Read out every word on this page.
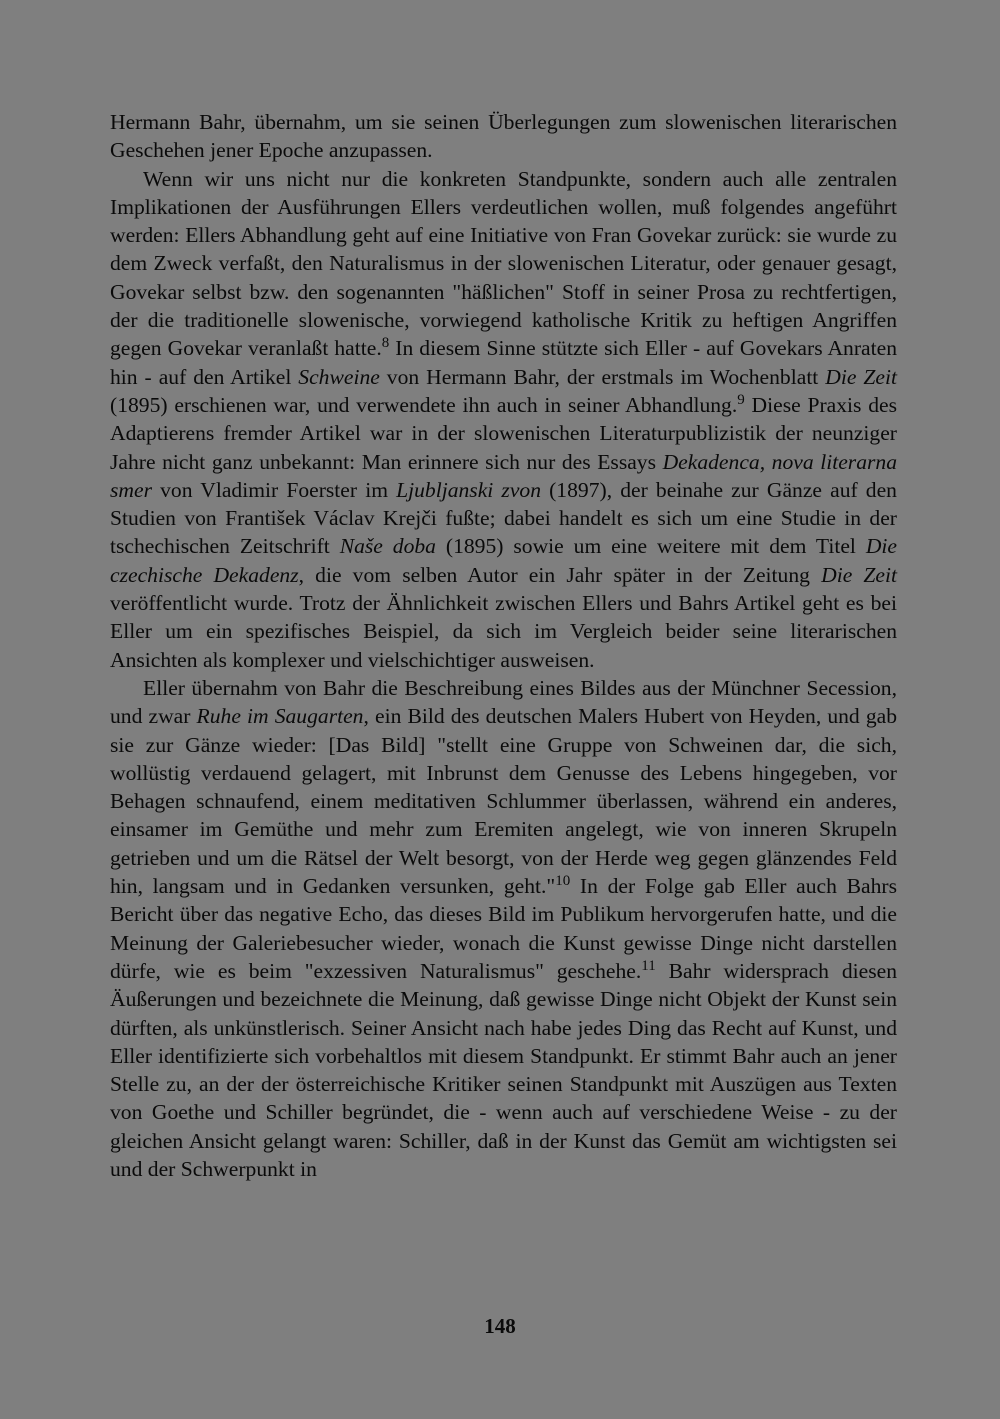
Hermann Bahr, übernahm, um sie seinen Überlegungen zum slowenischen literarischen Geschehen jener Epoche anzupassen.

Wenn wir uns nicht nur die konkreten Standpunkte, sondern auch alle zentralen Implikationen der Ausführungen Ellers verdeutlichen wollen, muß folgendes angeführt werden: Ellers Abhandlung geht auf eine Initiative von Fran Govekar zurück: sie wurde zu dem Zweck verfaßt, den Naturalismus in der slowenischen Literatur, oder genauer gesagt, Govekar selbst bzw. den sogenannten "häßlichen" Stoff in seiner Prosa zu rechtfertigen, der die traditionelle slowenische, vorwiegend katholische Kritik zu heftigen Angriffen gegen Govekar veranlaßt hatte.$^8$ In diesem Sinne stützte sich Eller - auf Govekars Anraten hin - auf den Artikel Schweine von Hermann Bahr, der erstmals im Wochenblatt Die Zeit (1895) erschienen war, und verwendete ihn auch in seiner Abhandlung.$^9$ Diese Praxis des Adaptierens fremder Artikel war in der slowenischen Literaturpublizistik der neunziger Jahre nicht ganz unbekannt: Man erinnere sich nur des Essays Dekadenca, nova literarna smer von Vladimir Foerster im Ljubljanski zvon (1897), der beinahe zur Gänze auf den Studien von František Václav Krejči fußte; dabei handelt es sich um eine Studie in der tschechischen Zeitschrift Naše doba (1895) sowie um eine weitere mit dem Titel Die czechische Dekadenz, die vom selben Autor ein Jahr später in der Zeitung Die Zeit veröffentlicht wurde. Trotz der Ähnlichkeit zwischen Ellers und Bahrs Artikel geht es bei Eller um ein spezifisches Beispiel, da sich im Vergleich beider seine literarischen Ansichten als komplexer und vielschichtiger ausweisen.

Eller übernahm von Bahr die Beschreibung eines Bildes aus der Münchner Secession, und zwar Ruhe im Saugarten, ein Bild des deutschen Malers Hubert von Heyden, und gab sie zur Gänze wieder: [Das Bild] "stellt eine Gruppe von Schweinen dar, die sich, wollüstig verdauend gelagert, mit Inbrunst dem Genusse des Lebens hingegeben, vor Behagen schnaufend, einem meditativen Schlummer überlassen, während ein anderes, einsamer im Gemüthe und mehr zum Eremiten angelegt, wie von inneren Skrupeln getrieben und um die Rätsel der Welt besorgt, von der Herde weg gegen glänzendes Feld hin, langsam und in Gedanken versunken, geht."$^{10}$ In der Folge gab Eller auch Bahrs Bericht über das negative Echo, das dieses Bild im Publikum hervorgerufen hatte, und die Meinung der Galeriebesucher wieder, wonach die Kunst gewisse Dinge nicht darstellen dürfe, wie es beim "exzessiven Naturalismus" geschehe.$^{11}$ Bahr widersprach diesen Äußerungen und bezeichnete die Meinung, daß gewisse Dinge nicht Objekt der Kunst sein dürften, als unkünstlerisch. Seiner Ansicht nach habe jedes Ding das Recht auf Kunst, und Eller identifizierte sich vorbehaltlos mit diesem Standpunkt. Er stimmt Bahr auch an jener Stelle zu, an der der österreichische Kritiker seinen Standpunkt mit Auszügen aus Texten von Goethe und Schiller begründet, die - wenn auch auf verschiedene Weise - zu der gleichen Ansicht gelangt waren: Schiller, daß in der Kunst das Gemüt am wichtigsten sei und der Schwerpunkt in

148
